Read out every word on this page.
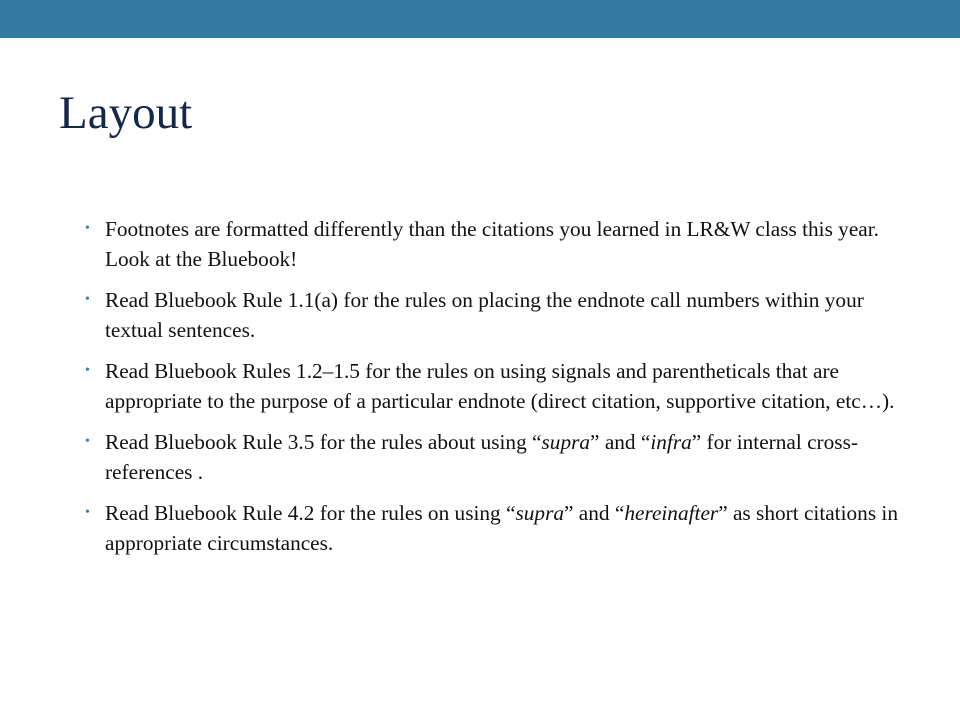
Layout
• Footnotes are formatted differently than the citations you learned in LR&W class this year. Look at the Bluebook!
• Read Bluebook Rule 1.1(a) for the rules on placing the endnote call numbers within your textual sentences.
• Read Bluebook Rules 1.2–1.5 for the rules on using signals and parentheticals that are appropriate to the purpose of a particular endnote (direct citation, supportive citation, etc…).
• Read Bluebook Rule 3.5 for the rules about using “supra” and “infra” for internal cross-references .
• Read Bluebook Rule 4.2 for the rules on using “supra” and “hereinafter” as short citations in appropriate circumstances.
